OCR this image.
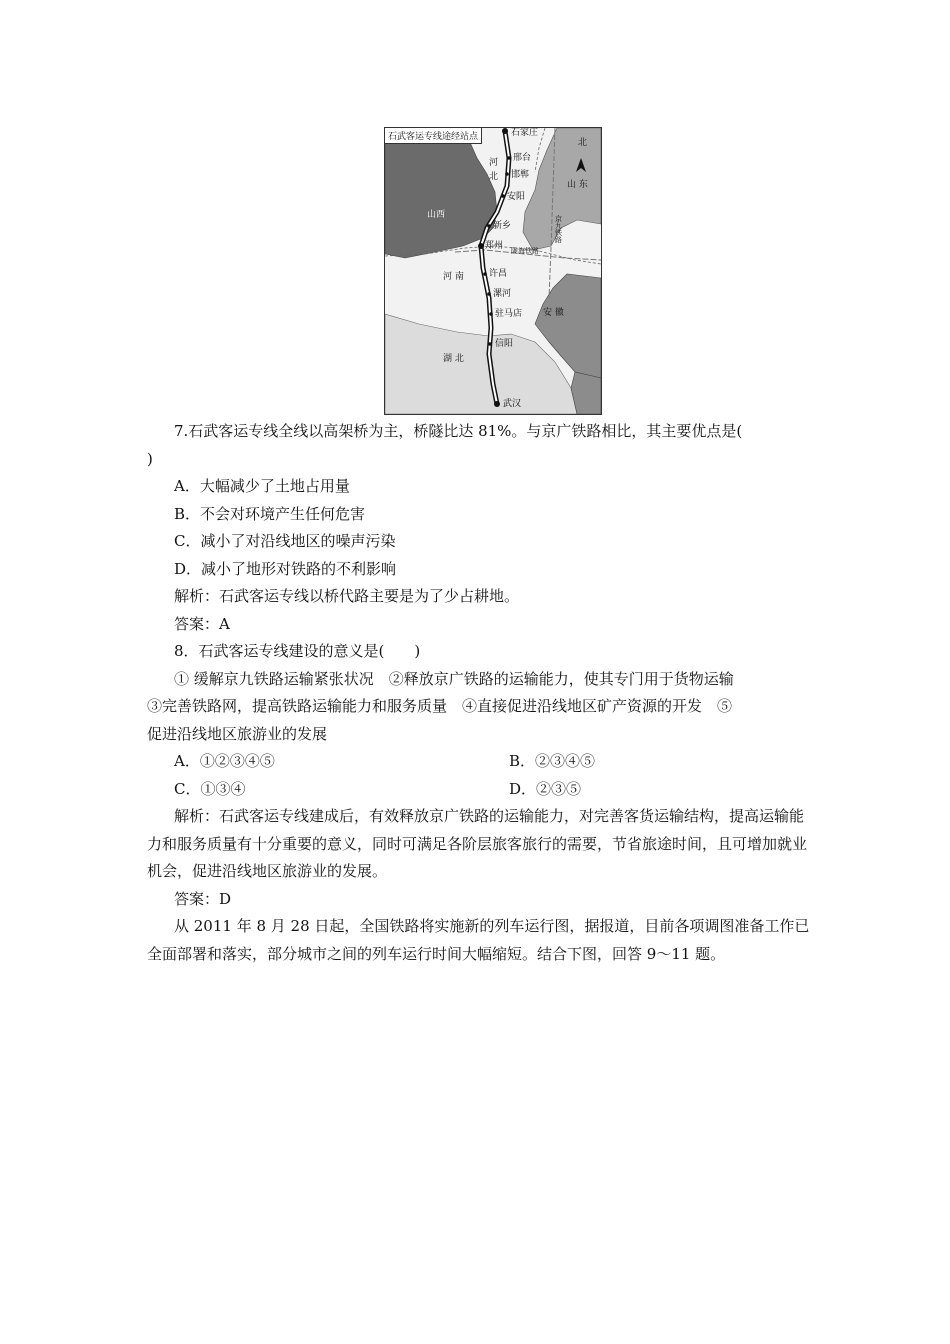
石武客运专线途经站点
北
山西
河
北
山 东
河 南
安 徽
湖 北
京九铁路
陇海铁路
石家庄
邢台
邯郸
安阳
新乡
郑州
许昌
漯河
驻马店
信阳
武汉
7.石武客运专线全线以高架桥为主，桥隧比达 81%。与京广铁路相比，其主要优点是(
)
A．大幅减少了土地占用量
B．不会对环境产生任何危害
C．减小了对沿线地区的噪声污染
D．减小了地形对铁路的不利影响
解析：石武客运专线以桥代路主要是为了少占耕地。
答案：A
8．石武客运专线建设的意义是(　　)
① 缓解京九铁路运输紧张状况　②释放京广铁路的运输能力，使其专门用于货物运输
③完善铁路网，提高铁路运输能力和服务质量　④直接促进沿线地区矿产资源的开发　⑤
促进沿线地区旅游业的发展
A．①②③④⑤	B．②③④⑤
C．①③④	D．②③⑤
解析：石武客运专线建成后，有效释放京广铁路的运输能力，对完善客货运输结构，提高运输能力和服务质量有十分重要的意义，同时可满足各阶层旅客旅行的需要，节省旅途时间，且可增加就业机会，促进沿线地区旅游业的发展。
答案：D
从 2011 年 8 月 28 日起，全国铁路将实施新的列车运行图，据报道，目前各项调图准备工作已全面部署和落实，部分城市之间的列车运行时间大幅缩短。结合下图，回答 9～11 题。
